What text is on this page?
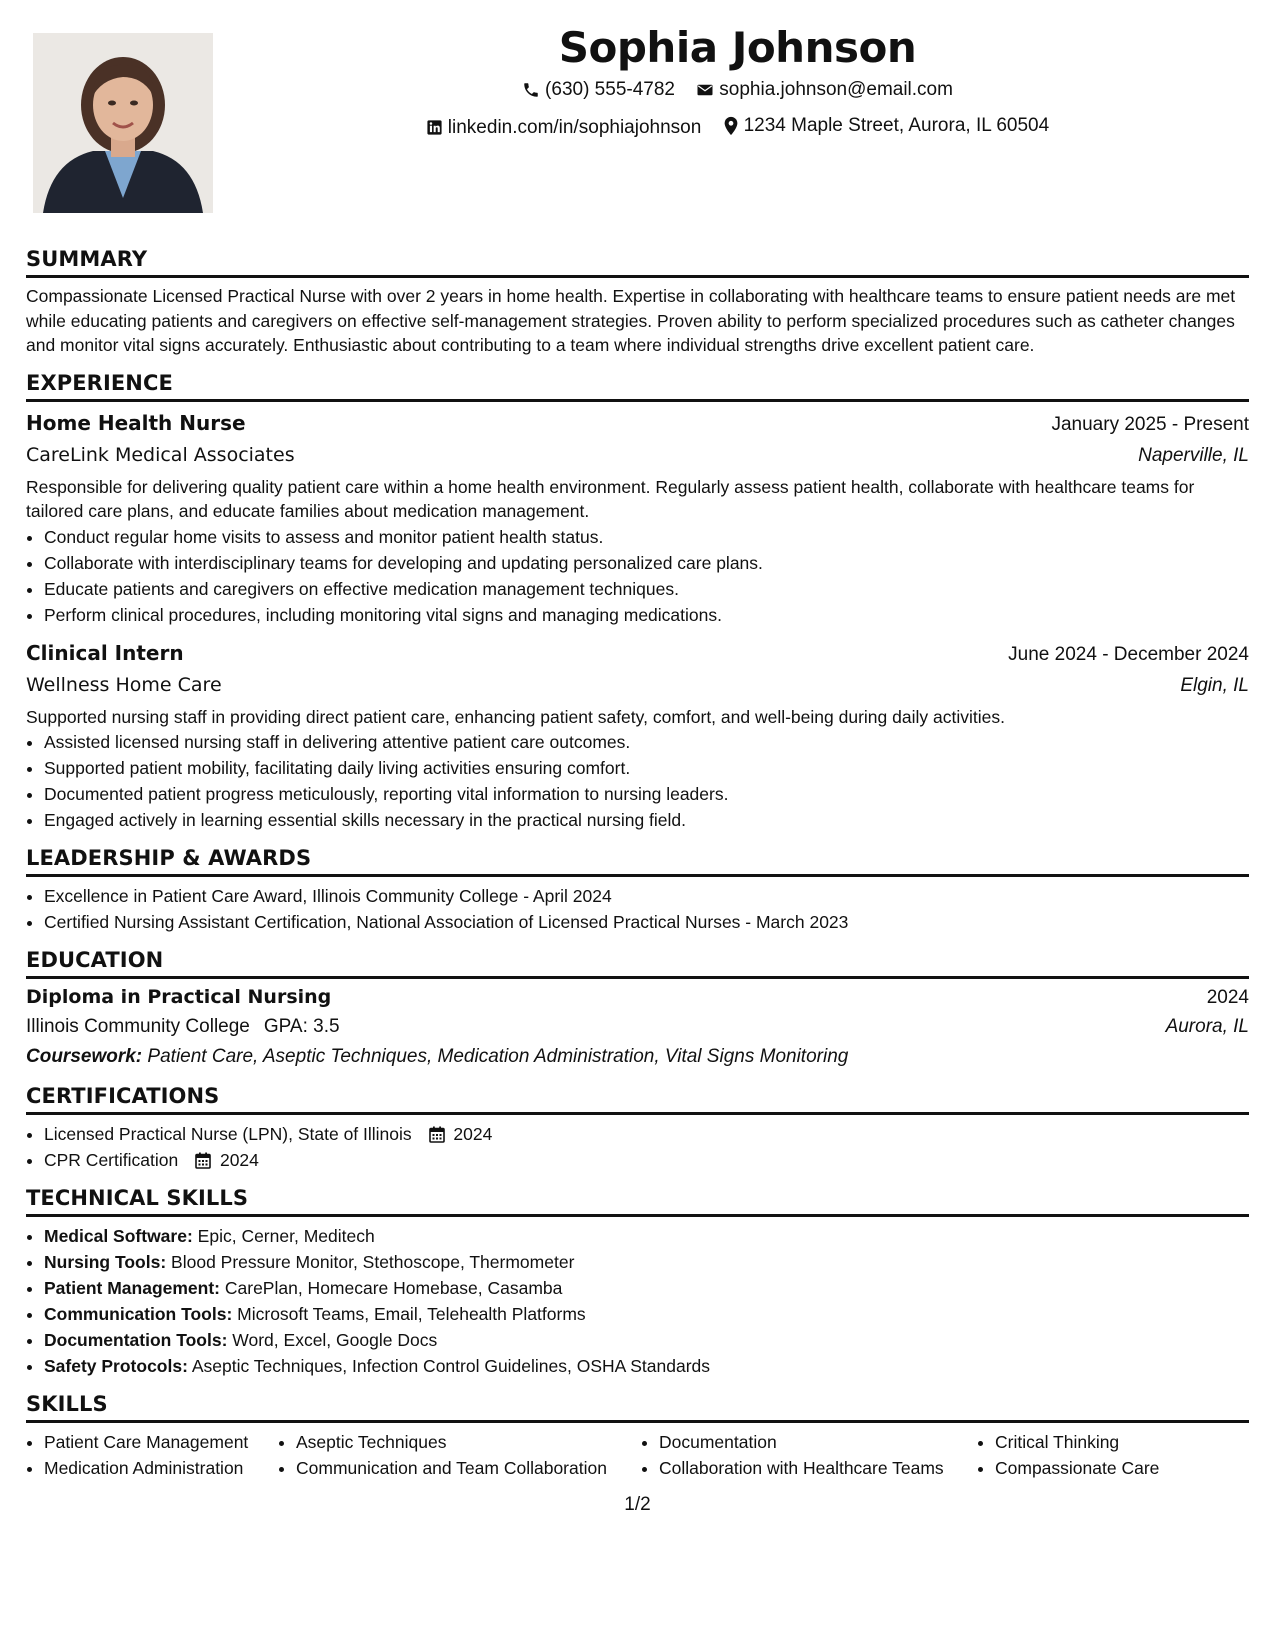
Sophia Johnson
(630) 555-4782
sophia.johnson@email.com
linkedin.com/in/sophiajohnson
1234 Maple Street, Aurora, IL 60504
SUMMARY

Compassionate Licensed Practical Nurse with over 2 years in home health. Expertise in collaborating with healthcare teams to ensure patient needs are met while educating patients and caregivers on effective self-management strategies. Proven ability to perform specialized procedures such as catheter changes and monitor vital signs accurately. Enthusiastic about contributing to a team where individual strengths drive excellent patient care.

EXPERIENCE
Home Health Nurse	January 2025 - Present
CareLink Medical Associates	Naperville, IL

Responsible for delivering quality patient care within a home health environment. Regularly assess patient health, collaborate with healthcare teams for tailored care plans, and educate families about medication management.

• Conduct regular home visits to assess and monitor patient health status.
• Collaborate with interdisciplinary teams for developing and updating personalized care plans.
• Educate patients and caregivers on effective medication management techniques.
• Perform clinical procedures, including monitoring vital signs and managing medications.
Clinical Intern	June 2024 - December 2024
Wellness Home Care	Elgin, IL

Supported nursing staff in providing direct patient care, enhancing patient safety, comfort, and well-being during daily activities.

• Assisted licensed nursing staff in delivering attentive patient care outcomes.
• Supported patient mobility, facilitating daily living activities ensuring comfort.
• Documented patient progress meticulously, reporting vital information to nursing leaders.
• Engaged actively in learning essential skills necessary in the practical nursing field.
LEADERSHIP & AWARDS
• Excellence in Patient Care Award, Illinois Community College - April 2024
• Certified Nursing Assistant Certification, National Association of Licensed Practical Nurses - March 2023
EDUCATION
Diploma in Practical Nursing	2024
Illinois Community College GPA: 3.5	Aurora, IL
Coursework: Patient Care, Aseptic Techniques, Medication Administration, Vital Signs Monitoring
CERTIFICATIONS
• Licensed Practical Nurse (LPN), State of Illinois 2024
• CPR Certification 2024
TECHNICAL SKILLS
• Medical Software: Epic, Cerner, Meditech
• Nursing Tools: Blood Pressure Monitor, Stethoscope, Thermometer
• Patient Management: CarePlan, Homecare Homebase, Casamba
• Communication Tools: Microsoft Teams, Email, Telehealth Platforms
• Documentation Tools: Word, Excel, Google Docs
• Safety Protocols: Aseptic Techniques, Infection Control Guidelines, OSHA Standards
SKILLS
• Patient Care Management
• Medication Administration
• Aseptic Techniques
• Communication and Team Collaboration
• Documentation
• Collaboration with Healthcare Teams
• Critical Thinking
• Compassionate Care
1/2
